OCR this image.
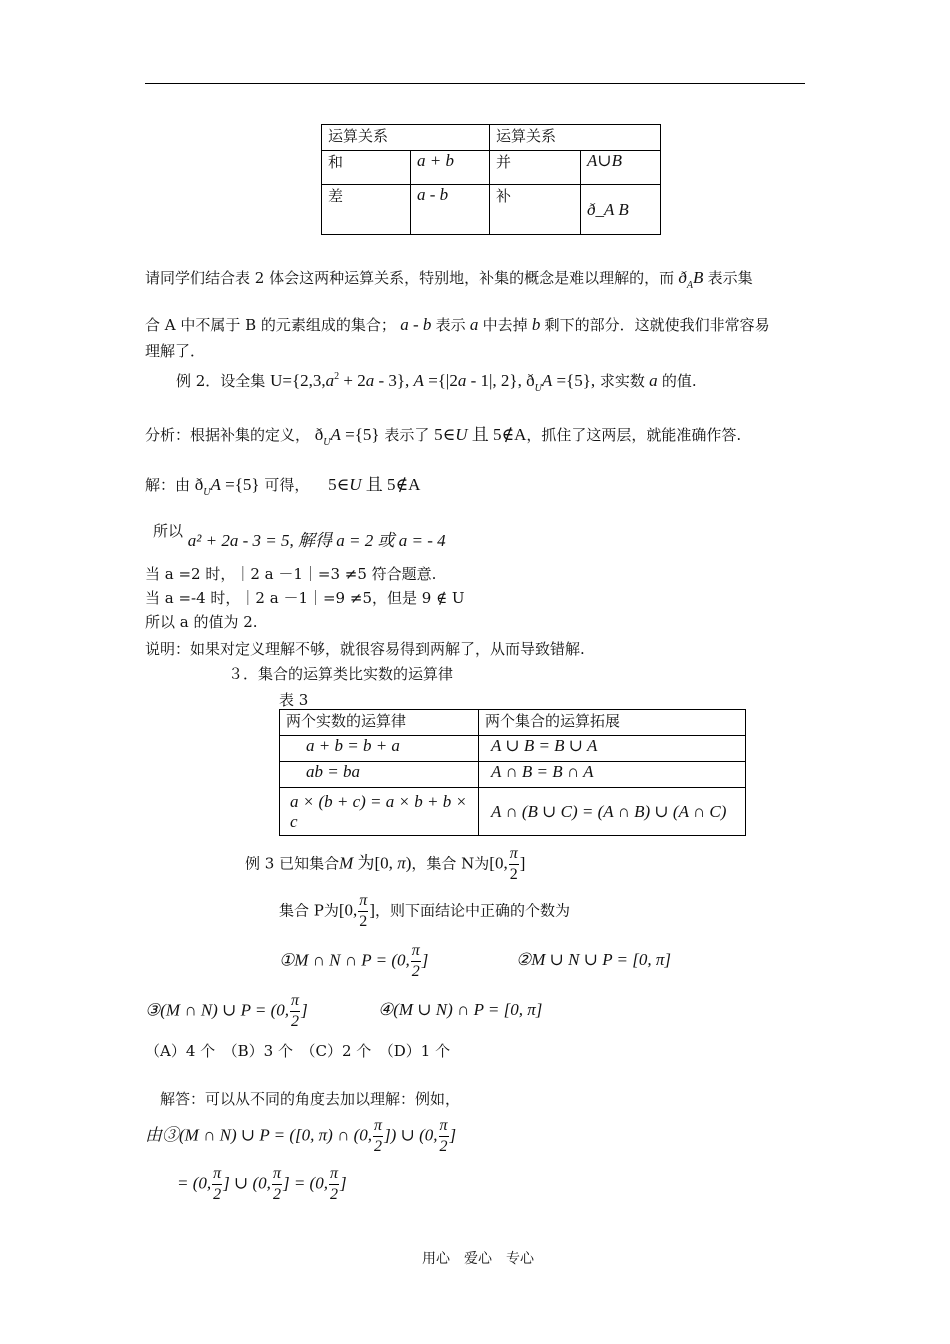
运算关系		运算关系	
和	a + b	并	A∪B
差	a - b	补	ð_A B
请同学们结合表 2 体会这两种运算关系，特别地，补集的概念是难以理解的，而 $ð_AB$ 表示集
合 A 中不属于 B 的元素组成的集合； a - b 表示 a 中去掉 b 剩下的部分．这就使我们非常容易
理解了．
例 2．设全集 $U=\{2,3,a^2 + 2a - 3\}$, A ={|2a - 1|, 2}, $ð_UA =\{5\}$, 求实数 a 的值.
分析：根据补集的定义， $ð_UA =\{5\}$ 表示了 5∈U 且 5∉A，抓住了这两层，就能准确作答.
解：由 $ð_UA =\{5\}$ 可得， 5∈U 且 5∉A
所以 a² + 2a - 3 = 5, 解得 a = 2 或 a = - 4
当 a =2 时，｜2 a －1｜=3 ≠5 符合题意.
当 a =-4 时，｜2 a －1｜=9 ≠5，但是 9 ∉ U
所以 a 的值为 2.
说明：如果对定义理解不够，就很容易得到两解了，从而导致错解.
３．集合的运算类比实数的运算律
表 3
两个实数的运算律	两个集合的运算拓展
a + b = b + a	A ∪ B = B ∪ A
ab = ba	A ∩ B = B ∩ A
a × (b + c) = a × b + b × c	A ∩ (B ∪ C) = (A ∩ B) ∪ (A ∩ C)
例 3 已知集合M 为[0, π)，集合 N为[0, $\frac{\pi}{2}$ ]
集合 P为[0, $\frac{\pi}{2}$ ]，则下面结论中正确的个数为
①M ∩ N ∩ P = (0, $\frac{\pi}{2}$ ]	②M ∪ N ∪ P = [0, π]
③(M ∩ N) ∪ P = (0, $\frac{\pi}{2}$ ]	④(M ∪ N) ∩ P = [0, π]
（A）4 个　（B）3 个　（C）2 个　（D）1 个
解答：可以从不同的角度去加以理解：例如，
由③(M ∩ N) ∪ P = ([0, π) ∩ (0, $\frac{\pi}{2}$ ]) ∪ (0, $\frac{\pi}{2}$ ]
= (0, $\frac{\pi}{2}$ ] ∪ (0, $\frac{\pi}{2}$ ] = (0, $\frac{\pi}{2}$ ]
用心　爱心　专心
